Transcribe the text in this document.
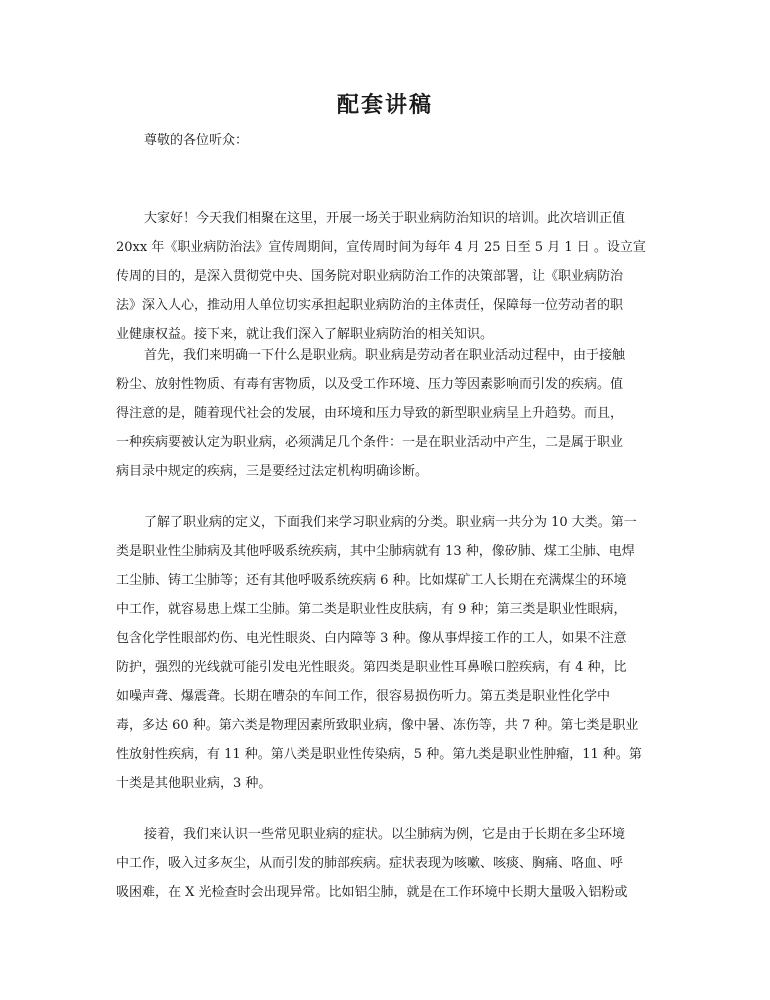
配套讲稿
尊敬的各位听众：
大家好！今天我们相聚在这里，开展一场关于职业病防治知识的培训。此次培训正值
20xx 年《职业病防治法》宣传周期间，宣传周时间为每年 4 月 25 日至 5 月 1 日 。设立宣
传周的目的，是深入贯彻党中央、国务院对职业病防治工作的决策部署，让《职业病防治
法》深入人心，推动用人单位切实承担起职业病防治的主体责任，保障每一位劳动者的职
业健康权益。接下来，就让我们深入了解职业病防治的相关知识。
首先，我们来明确一下什么是职业病。职业病是劳动者在职业活动过程中，由于接触
粉尘、放射性物质、有毒有害物质，以及受工作环境、压力等因素影响而引发的疾病。值
得注意的是，随着现代社会的发展，由环境和压力导致的新型职业病呈上升趋势。而且，
一种疾病要被认定为职业病，必须满足几个条件：一是在职业活动中产生，二是属于职业
病目录中规定的疾病，三是要经过法定机构明确诊断。
了解了职业病的定义，下面我们来学习职业病的分类。职业病一共分为 10 大类。第一
类是职业性尘肺病及其他呼吸系统疾病，其中尘肺病就有 13 种，像矽肺、煤工尘肺、电焊
工尘肺、铸工尘肺等；还有其他呼吸系统疾病 6 种。比如煤矿工人长期在充满煤尘的环境
中工作，就容易患上煤工尘肺。第二类是职业性皮肤病，有 9 种；第三类是职业性眼病，
包含化学性眼部灼伤、电光性眼炎、白内障等 3 种。像从事焊接工作的工人，如果不注意
防护，强烈的光线就可能引发电光性眼炎。第四类是职业性耳鼻喉口腔疾病，有 4 种，比
如噪声聋、爆震聋。长期在嘈杂的车间工作，很容易损伤听力。第五类是职业性化学中
毒，多达 60 种。第六类是物理因素所致职业病，像中暑、冻伤等，共 7 种。第七类是职业
性放射性疾病，有 11 种。第八类是职业性传染病，5 种。第九类是职业性肿瘤，11 种。第
十类是其他职业病，3 种。
接着，我们来认识一些常见职业病的症状。以尘肺病为例，它是由于长期在多尘环境
中工作，吸入过多灰尘，从而引发的肺部疾病。症状表现为咳嗽、咳痰、胸痛、咯血、呼
吸困难，在 X 光检查时会出现异常。比如铝尘肺，就是在工作环境中长期大量吸入铝粉或
